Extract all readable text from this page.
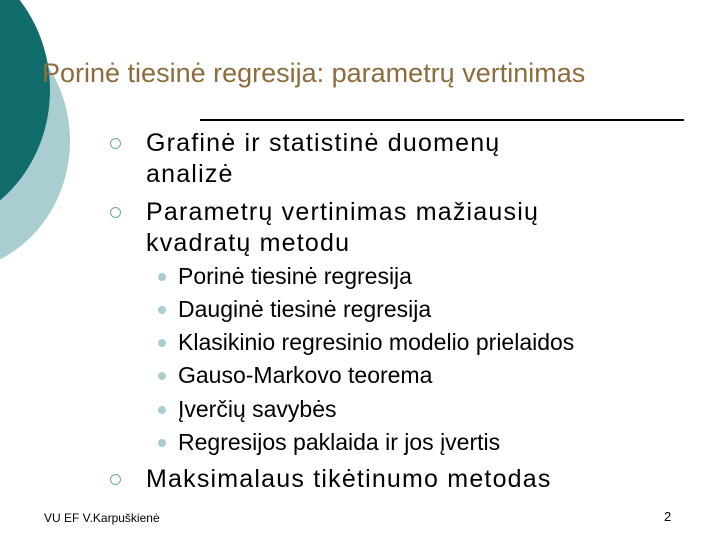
Porinė tiesinė regresija: parametrų vertinimas
Grafinė ir statistinė duomenų
analizė
Parametrų vertinimas mažiausių
kvadratų metodu
Porinė tiesinė regresija
Dauginė tiesinė regresija
Klasikinio regresinio modelio prielaidos
Gauso-Markovo teorema
Įverčių savybės
Regresijos paklaida ir jos įvertis
Maksimalaus tikėtinumo metodas
VU EF V.Karpuškienė	2
